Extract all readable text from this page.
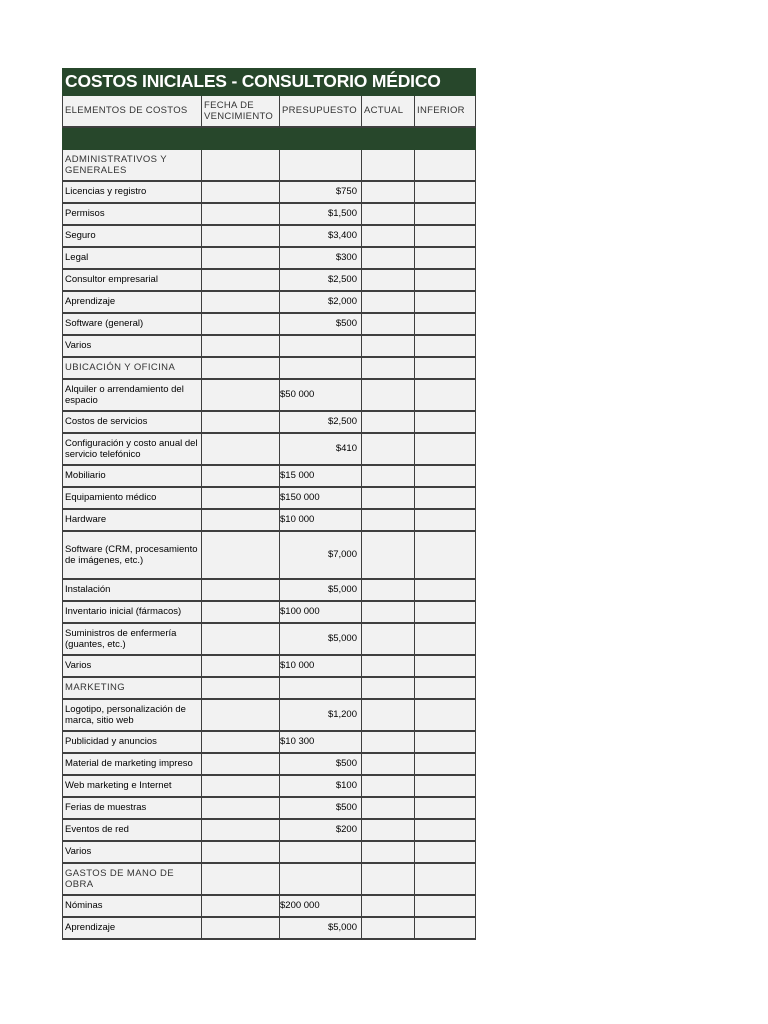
COSTOS INICIALES - CONSULTORIO MÉDICO				
ELEMENTOS DE COSTOS	FECHA DE VENCIMIENTO	PRESUPUESTO	ACTUAL	INFERIOR

ADMINISTRATIVOS Y GENERALES				
Licencias y registro		$750		
Permisos		$1,500		
Seguro		$3,400		
Legal		$300		
Consultor empresarial		$2,500		
Aprendizaje		$2,000		
Software (general)		$500		
Varios				
UBICACIÓN Y OFICINA				
Alquiler o arrendamiento del espacio		$50 000		
Costos de servicios		$2,500		
Configuración y costo anual del servicio telefónico		$410		
Mobiliario		$15 000		
Equipamiento médico		$150 000		
Hardware		$10 000		
Software (CRM, procesamiento de imágenes, etc.)		$7,000		
Instalación		$5,000		
Inventario inicial (fármacos)		$100 000		
Suministros de enfermería (guantes, etc.)		$5,000		
Varios		$10 000		
MARKETING				
Logotipo, personalización de marca, sitio web		$1,200		
Publicidad y anuncios		$10 300		
Material de marketing impreso		$500		
Web marketing e Internet		$100		
Ferias de muestras		$500		
Eventos de red		$200		
Varios				
GASTOS DE MANO DE OBRA				
Nóminas		$200 000		
Aprendizaje		$5,000		
